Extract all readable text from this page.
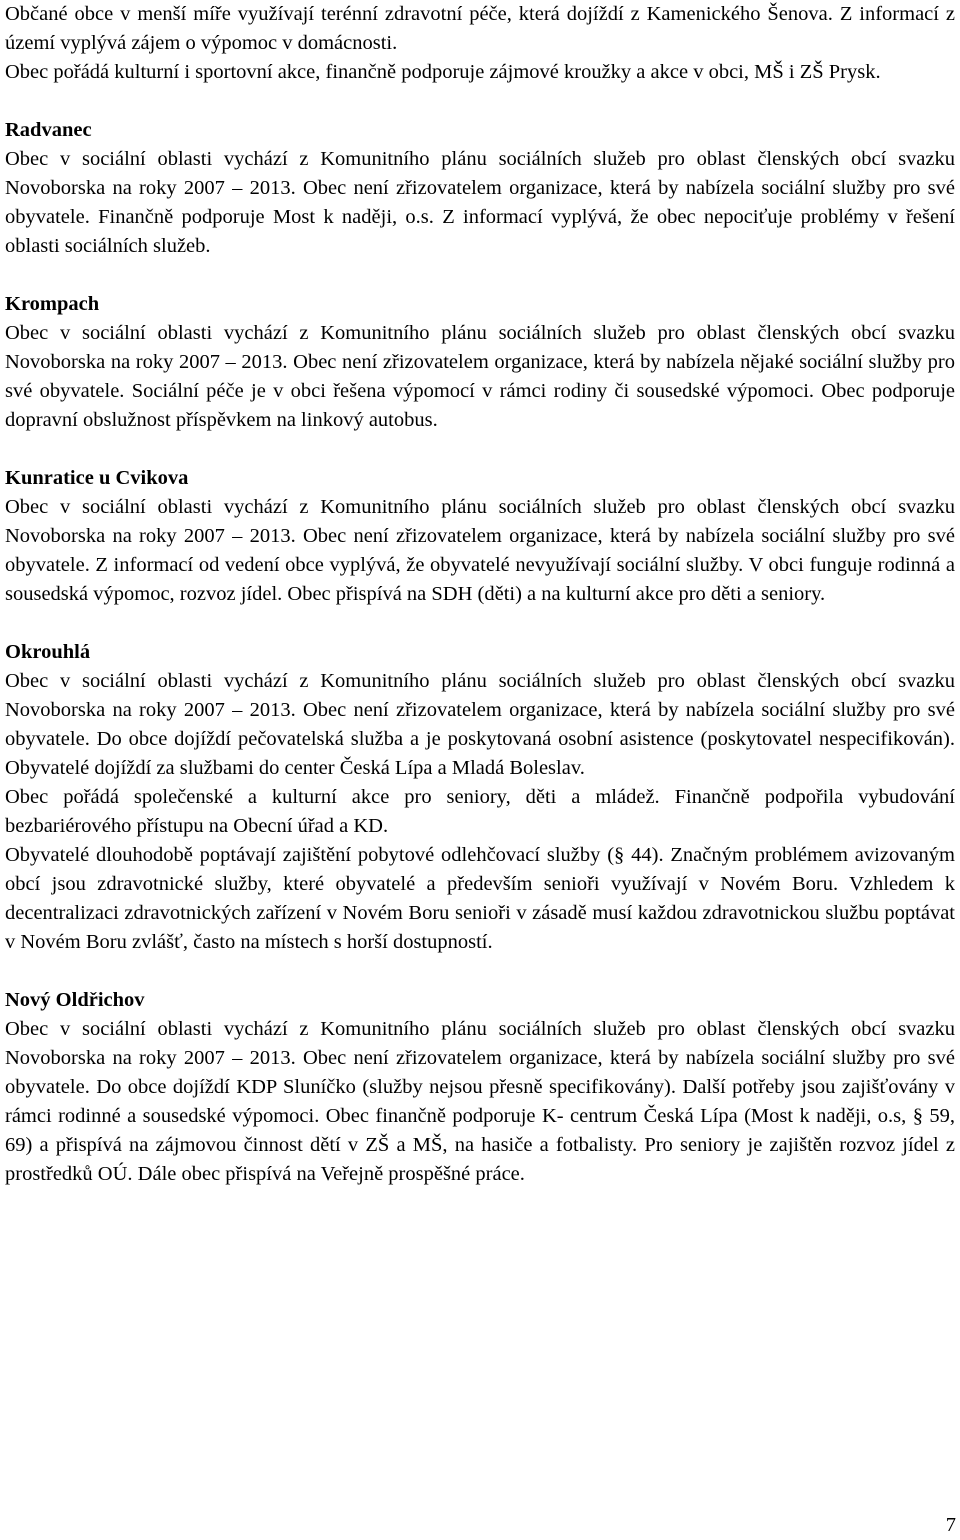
Občané obce v menší míře využívají terénní zdravotní péče, která dojíždí z Kamenického Šenova. Z informací z území vyplývá zájem o výpomoc v domácnosti.

Obec pořádá kulturní i sportovní akce, finančně podporuje zájmové kroužky a akce v obci, MŠ i ZŠ Prysk.

Radvanec

Obec v sociální oblasti vychází z Komunitního plánu sociálních služeb pro oblast členských obcí svazku Novoborska na roky 2007 – 2013. Obec není zřizovatelem organizace, která by nabízela sociální služby pro své obyvatele. Finančně podporuje Most k naději, o.s. Z informací vyplývá, že obec nepociťuje problémy v řešení oblasti sociálních služeb.

Krompach

Obec v sociální oblasti vychází z Komunitního plánu sociálních služeb pro oblast členských obcí svazku Novoborska na roky 2007 – 2013. Obec není zřizovatelem organizace, která by nabízela nějaké sociální služby pro své obyvatele. Sociální péče je v obci řešena výpomocí v rámci rodiny či sousedské výpomoci. Obec podporuje dopravní obslužnost příspěvkem na linkový autobus.

Kunratice u Cvikova

Obec v sociální oblasti vychází z Komunitního plánu sociálních služeb pro oblast členských obcí svazku Novoborska na roky 2007 – 2013. Obec není zřizovatelem organizace, která by nabízela sociální služby pro své obyvatele. Z informací od vedení obce vyplývá, že obyvatelé nevyužívají sociální služby. V obci funguje rodinná a sousedská výpomoc, rozvoz jídel. Obec přispívá na SDH (děti) a na kulturní akce pro děti a seniory.

Okrouhlá

Obec v sociální oblasti vychází z Komunitního plánu sociálních služeb pro oblast členských obcí svazku Novoborska na roky 2007 – 2013. Obec není zřizovatelem organizace, která by nabízela sociální služby pro své obyvatele. Do obce dojíždí pečovatelská služba a je poskytovaná osobní asistence (poskytovatel nespecifikován). Obyvatelé dojíždí za službami do center Česká Lípa a Mladá Boleslav.

Obec pořádá společenské a kulturní akce pro seniory, děti a mládež. Finančně podpořila vybudování bezbariérového přístupu na Obecní úřad a KD.

Obyvatelé dlouhodobě poptávají zajištění pobytové odlehčovací služby (§ 44). Značným problémem avizovaným obcí jsou zdravotnické služby, které obyvatelé a především senioři využívají v Novém Boru. Vzhledem k decentralizaci zdravotnických zařízení v Novém Boru senioři v zásadě musí každou zdravotnickou službu poptávat v Novém Boru zvlášť, často na místech s horší dostupností.

Nový Oldřichov

Obec v sociální oblasti vychází z Komunitního plánu sociálních služeb pro oblast členských obcí svazku Novoborska na roky 2007 – 2013. Obec není zřizovatelem organizace, která by nabízela sociální služby pro své obyvatele. Do obce dojíždí KDP Sluníčko (služby nejsou přesně specifikovány). Další potřeby jsou zajišťovány v rámci rodinné a sousedské výpomoci. Obec finančně podporuje K- centrum Česká Lípa (Most k naději, o.s, § 59, 69) a přispívá na zájmovou činnost dětí v ZŠ a MŠ, na hasiče a fotbalisty. Pro seniory je zajištěn rozvoz jídel z prostředků OÚ. Dále obec přispívá na Veřejně prospěšné práce.

7
